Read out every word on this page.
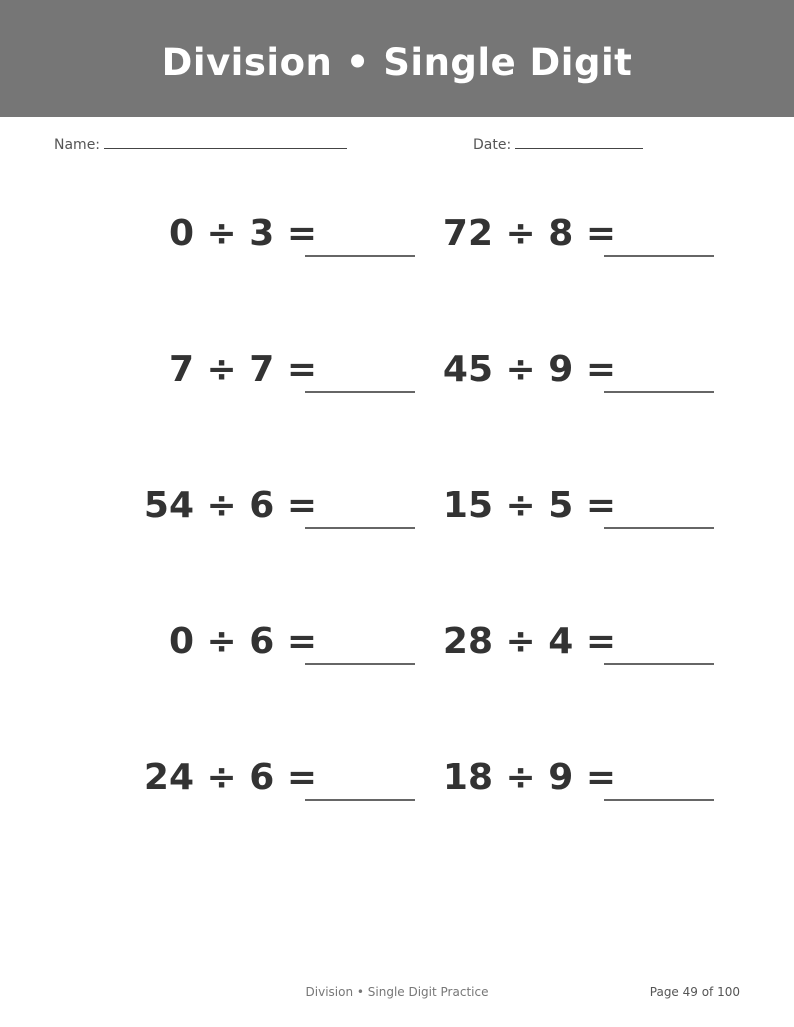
Division • Single Digit
Name:	Date:
0 ÷ 3 =	72 ÷ 8 =
7 ÷ 7 =	45 ÷ 9 =
54 ÷ 6 =	15 ÷ 5 =
0 ÷ 6 =	28 ÷ 4 =
24 ÷ 6 =	18 ÷ 9 =
Division • Single Digit Practice	Page 49 of 100
